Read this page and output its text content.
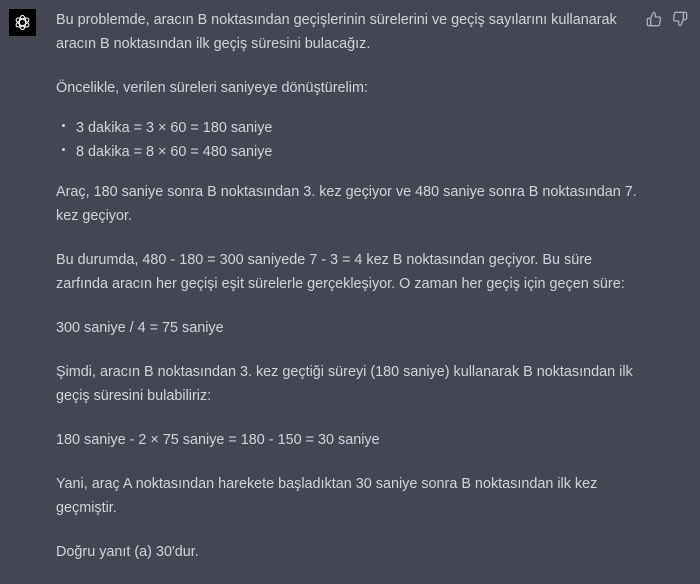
Bu problemde, aracın B noktasından geçişlerinin sürelerini ve geçiş sayılarını kullanarak aracın B noktasından ilk geçiş süresini bulacağız.

Öncelikle, verilen süreleri saniyeye dönüştürelim:

3 dakika = 3 × 60 = 180 saniye
8 dakika = 8 × 60 = 480 saniye

Araç, 180 saniye sonra B noktasından 3. kez geçiyor ve 480 saniye sonra B noktasından 7. kez geçiyor.

Bu durumda, 480 - 180 = 300 saniyede 7 - 3 = 4 kez B noktasından geçiyor. Bu süre zarfında aracın her geçişi eşit sürelerle gerçekleşiyor. O zaman her geçiş için geçen süre:

300 saniye / 4 = 75 saniye

Şimdi, aracın B noktasından 3. kez geçtiği süreyi (180 saniye) kullanarak B noktasından ilk geçiş süresini bulabiliriz:

180 saniye - 2 × 75 saniye = 180 - 150 = 30 saniye

Yani, araç A noktasından harekete başladıktan 30 saniye sonra B noktasından ilk kez geçmiştir.

Doğru yanıt (a) 30'dur.
